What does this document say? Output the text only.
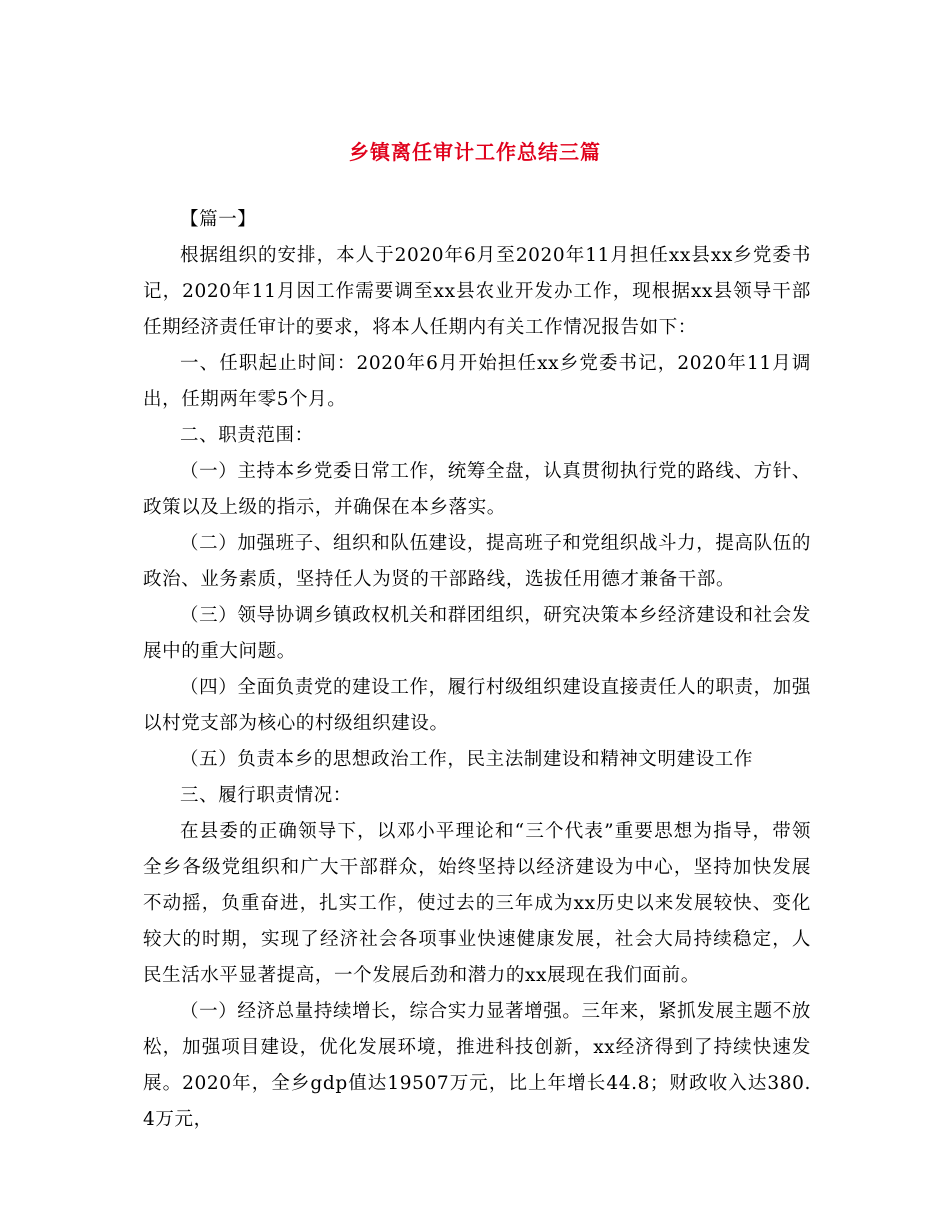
乡镇离任审计工作总结三篇

【篇一】

根据组织的安排，本人于2020年6月至2020年11月担任xx县xx乡党委书记，2020年11月因工作需要调至xx县农业开发办工作，现根据xx县领导干部任期经济责任审计的要求，将本人任期内有关工作情况报告如下：

一、任职起止时间：2020年6月开始担任xx乡党委书记，2020年11月调出，任期两年零5个月。

二、职责范围：

（一）主持本乡党委日常工作，统筹全盘，认真贯彻执行党的路线、方针、政策以及上级的指示，并确保在本乡落实。

（二）加强班子、组织和队伍建设，提高班子和党组织战斗力，提高队伍的政治、业务素质，坚持任人为贤的干部路线，选拔任用德才兼备干部。

（三）领导协调乡镇政权机关和群团组织，研究决策本乡经济建设和社会发展中的重大问题。

（四）全面负责党的建设工作，履行村级组织建设直接责任人的职责，加强以村党支部为核心的村级组织建设。

（五）负责本乡的思想政治工作，民主法制建设和精神文明建设工作

三、履行职责情况：

在县委的正确领导下，以邓小平理论和“三个代表”重要思想为指导，带领全乡各级党组织和广大干部群众，始终坚持以经济建设为中心，坚持加快发展不动摇，负重奋进，扎实工作，使过去的三年成为xx历史以来发展较快、变化较大的时期，实现了经济社会各项事业快速健康发展，社会大局持续稳定，人民生活水平显著提高，一个发展后劲和潜力的xx展现在我们面前。

（一）经济总量持续增长，综合实力显著增强。三年来，紧抓发展主题不放松，加强项目建设，优化发展环境，推进科技创新，xx经济得到了持续快速发展。2020年，全乡gdp值达19507万元，比上年增长44.8；财政收入达380.4万元，
